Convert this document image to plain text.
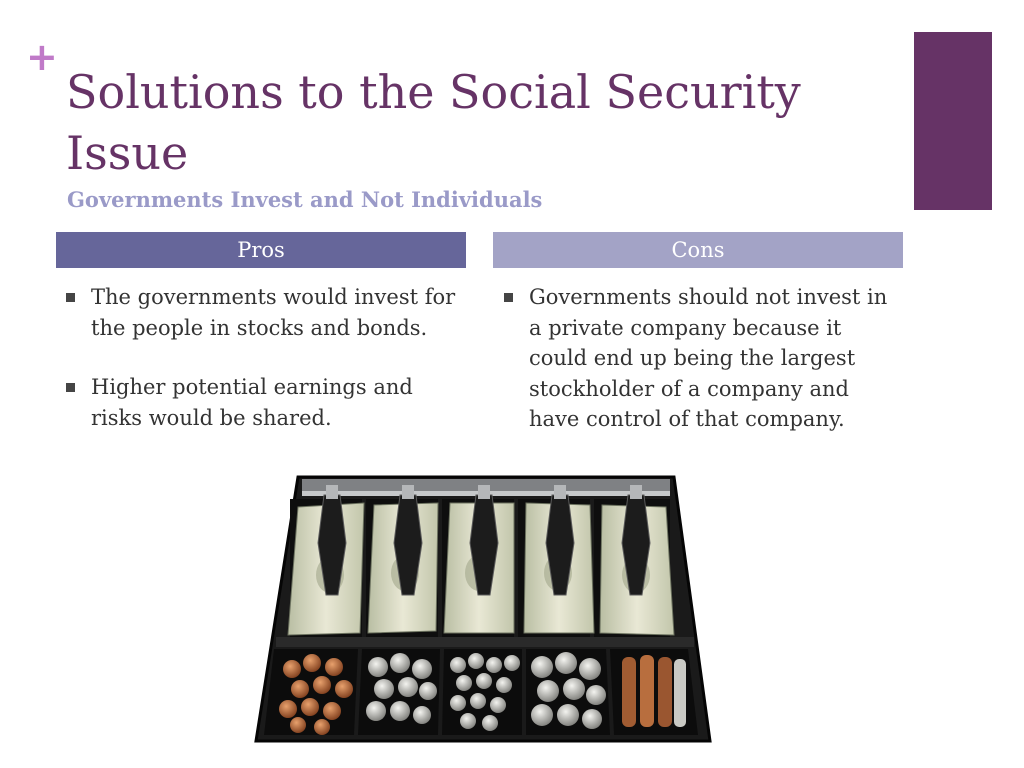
+
Solutions to the Social Security Issue
Governments Invest and Not Individuals
Pros	Cons
The governments would invest for the people in stocks and bonds.
Higher potential earnings and risks would be shared.
Governments should not invest in a private company because it could end up being the largest stockholder of a company and have control of that company.
